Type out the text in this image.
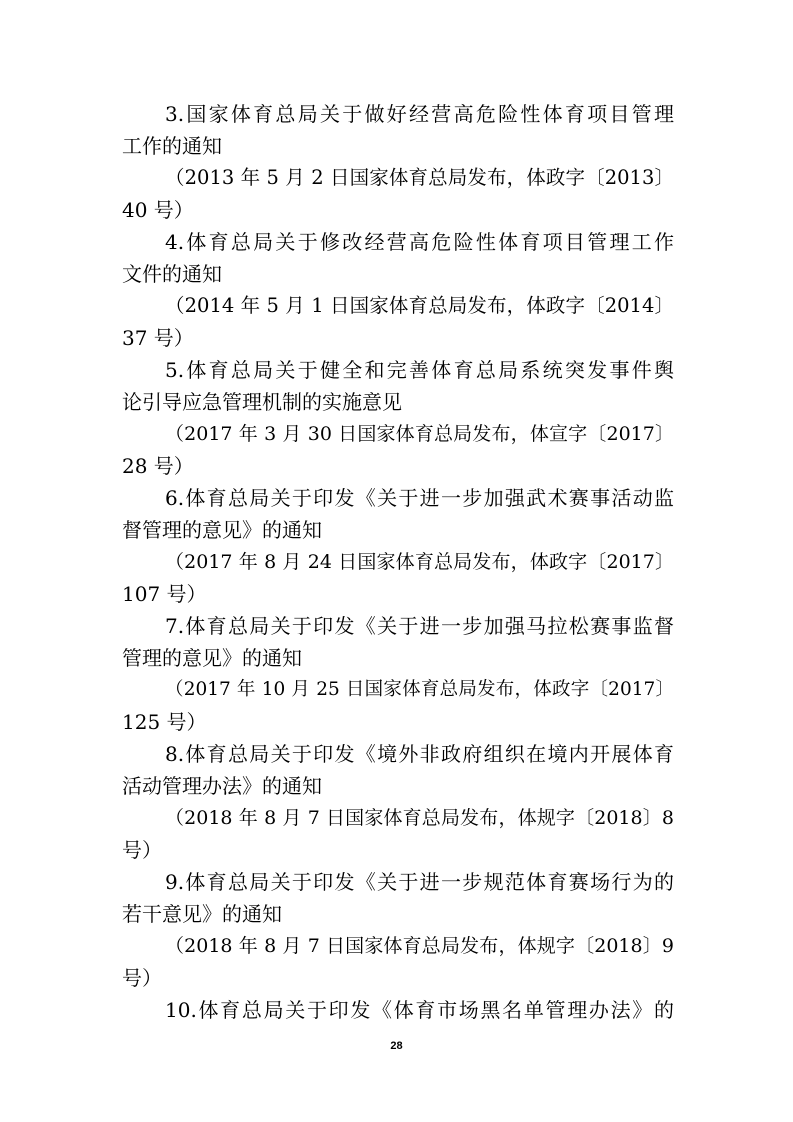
3.国家体育总局关于做好经营高危险性体育项目管理
工作的通知
（2013 年 5 月 2 日国家体育总局发布，体政字〔2013〕
40 号）
4.体育总局关于修改经营高危险性体育项目管理工作
文件的通知
（2014 年 5 月 1 日国家体育总局发布，体政字〔2014〕
37 号）
5.体育总局关于健全和完善体育总局系统突发事件舆
论引导应急管理机制的实施意见
（2017 年 3 月 30 日国家体育总局发布，体宣字〔2017〕
28 号）
6.体育总局关于印发《关于进一步加强武术赛事活动监
督管理的意见》的通知
（2017 年 8 月 24 日国家体育总局发布，体政字〔2017〕
107 号）
7.体育总局关于印发《关于进一步加强马拉松赛事监督
管理的意见》的通知
（2017 年 10 月 25 日国家体育总局发布，体政字〔2017〕
125 号）
8.体育总局关于印发《境外非政府组织在境内开展体育
活动管理办法》的通知
（2018 年 8 月 7 日国家体育总局发布，体规字〔2018〕8
号）
9.体育总局关于印发《关于进一步规范体育赛场行为的
若干意见》的通知
（2018 年 8 月 7 日国家体育总局发布，体规字〔2018〕9
号）
10.体育总局关于印发《体育市场黑名单管理办法》的
28
